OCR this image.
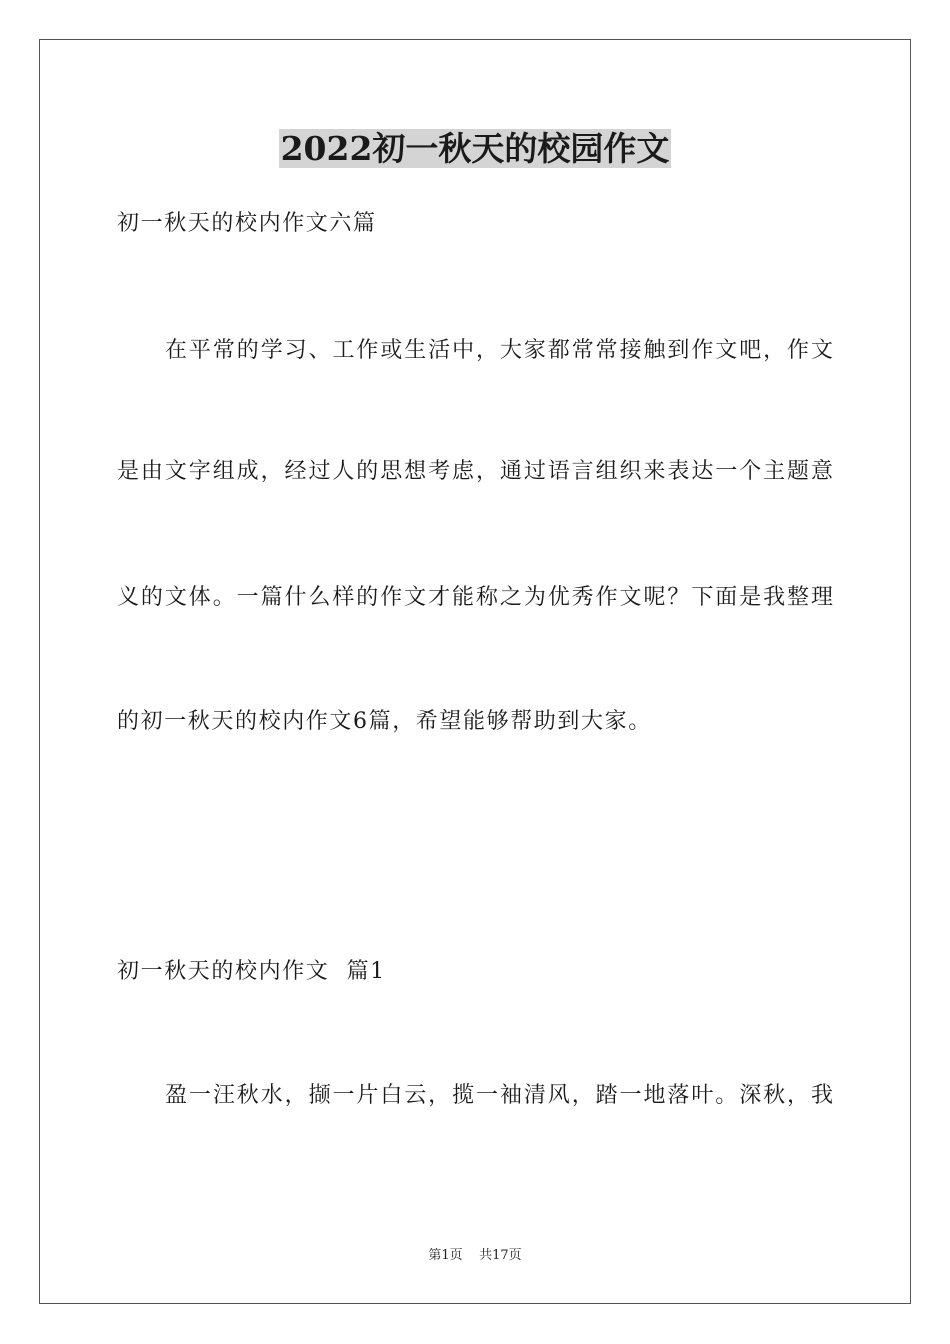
2022初一秋天的校园作文
初一秋天的校内作文六篇
在平常的学习、工作或生活中，大家都常常接触到作文吧，作文
是由文字组成，经过人的思想考虑，通过语言组织来表达一个主题意
义的文体。一篇什么样的作文才能称之为优秀作文呢？下面是我整理
的初一秋天的校内作文6篇，希望能够帮助到大家。
初一秋天的校内作文  篇1
盈一汪秋水，撷一片白云，揽一袖清风，踏一地落叶。深秋，我
第1页    共17页
